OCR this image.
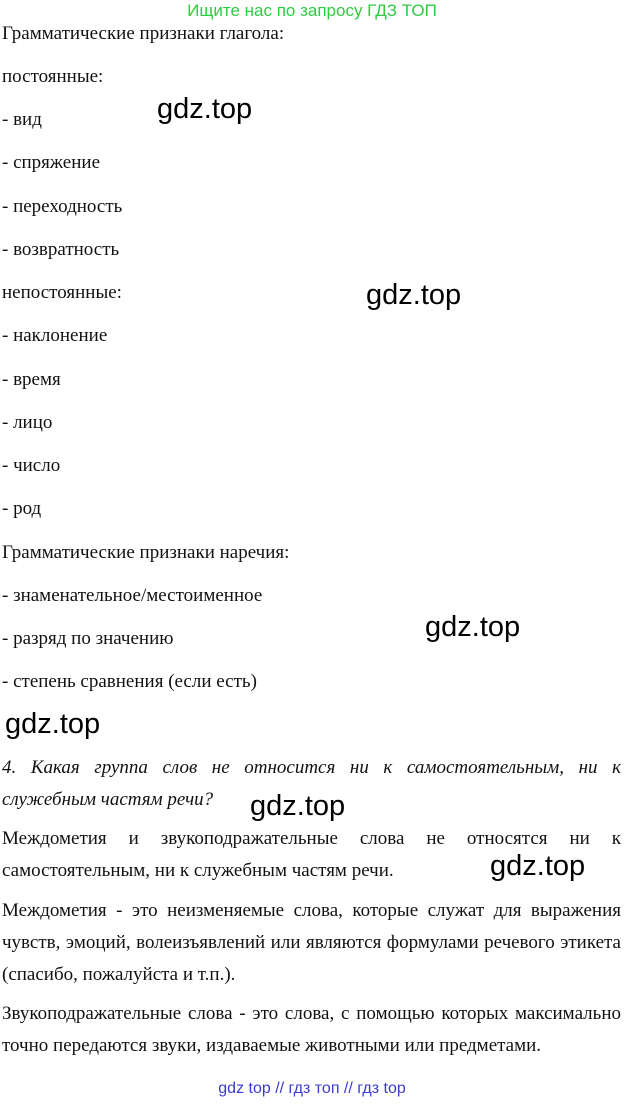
Ищите нас по запросу ГДЗ ТОП
Грамматические признаки глагола:
постоянные:
- вид
- спряжение
- переходность
- возвратность
непостоянные:
- наклонение
- время
- лицо
- число
- род
Грамматические признаки наречия:
- знаменательное/местоименное
- разряд по значению
- степень сравнения (если есть)
4. Какая группа слов не относится ни к самостоятельным, ни к служебным частям речи?
Междометия и звукоподражательные слова не относятся ни к самостоятельным, ни к служебным частям речи.
Междометия - это неизменяемые слова, которые служат для выражения чувств, эмоций, волеизъявлений или являются формулами речевого этикета (спасибо, пожалуйста и т.п.).
Звукоподражательные слова - это слова, с помощью которых максимально точно передаются звуки, издаваемые животными или предметами.
gdz.top
gdz.top
gdz.top
gdz.top
gdz.top
gdz.top
gdz top // гдз топ // гдз top
